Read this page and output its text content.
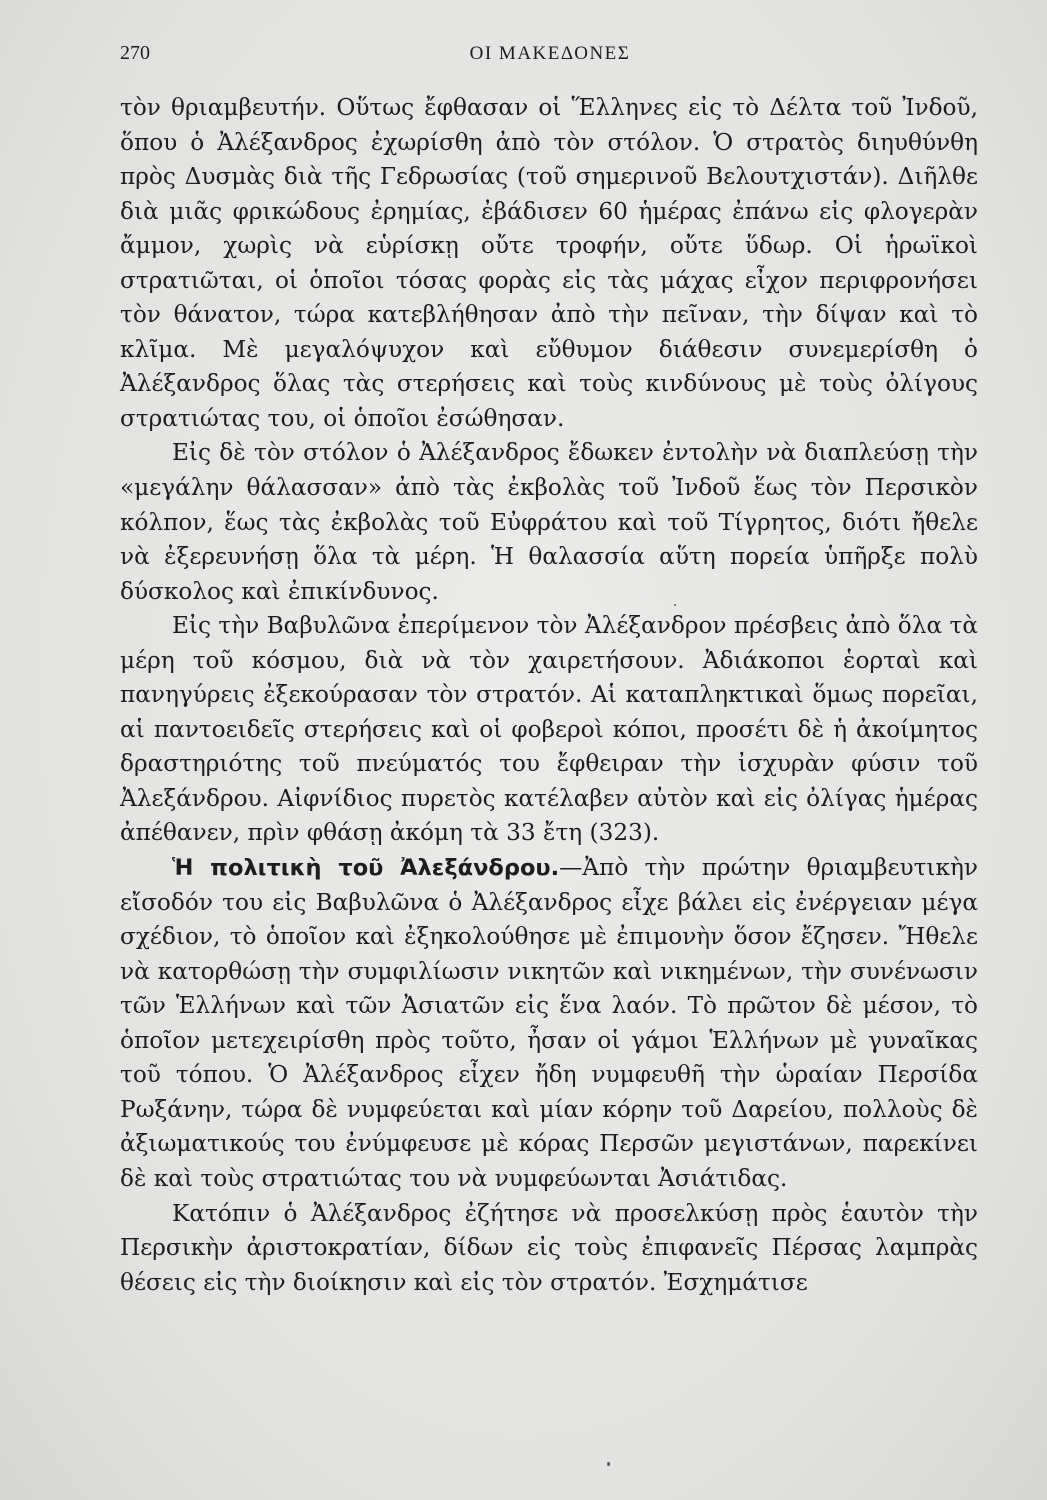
270	ΟΙ ΜΑΚΕΔΟΝΕΣ

τὸν θριαμβευτήν. Οὕτως ἔφθασαν οἱ Ἕλληνες εἰς τὸ Δέλτα τοῦ Ἰνδοῦ, ὅπου ὁ Ἀλέξανδρος ἐχωρίσθη ἀπὸ τὸν στόλον. Ὁ στρατὸς διηυθύνθη πρὸς Δυσμὰς διὰ τῆς Γεδρωσίας (τοῦ σημερινοῦ Βελουτχιστάν). Διῆλθε διὰ μιᾶς φρικώδους ἐρημίας, ἐβάδισεν 60 ἡμέρας ἐπάνω εἰς φλογερὰν ἄμμον, χωρὶς νὰ εὑρίσκῃ οὔτε τροφήν, οὔτε ὕδωρ. Οἱ ἡρωϊκοὶ στρατιῶται, οἱ ὁποῖοι τόσας φορὰς εἰς τὰς μάχας εἶχον περιφρονήσει τὸν θάνατον, τώρα κατεβλήθησαν ἀπὸ τὴν πεῖναν, τὴν δίψαν καὶ τὸ κλῖμα. Μὲ μεγαλόψυχον καὶ εὔθυμον διάθεσιν συνεμερίσθη ὁ Ἀλέξανδρος ὅλας τὰς στερήσεις καὶ τοὺς κινδύνους μὲ τοὺς ὀλίγους στρατιώτας του, οἱ ὁποῖοι ἐσώθησαν.

Εἰς δὲ τὸν στόλον ὁ Ἀλέξανδρος ἔδωκεν ἐντολὴν νὰ διαπλεύσῃ τὴν «μεγάλην θάλασσαν» ἀπὸ τὰς ἐκβολὰς τοῦ Ἰνδοῦ ἕως τὸν Περσικὸν κόλπον, ἕως τὰς ἐκβολὰς τοῦ Εὐφράτου καὶ τοῦ Τίγρητος, διότι ἤθελε νὰ ἐξερευνήσῃ ὅλα τὰ μέρη. Ἡ θαλασσία αὕτη πορεία ὑπῆρξε πολὺ δύσκολος καὶ ἐπικίνδυνος.

Εἰς τὴν Βαβυλῶνα ἐπερίμενον τὸν Ἀλέξανδρον πρέσβεις ἀπὸ ὅλα τὰ μέρη τοῦ κόσμου, διὰ νὰ τὸν χαιρετήσουν. Ἀδιάκοποι ἑορταὶ καὶ πανηγύρεις ἐξεκούρασαν τὸν στρατόν. Αἱ καταπληκτικαὶ ὅμως πορεῖαι, αἱ παντοειδεῖς στερήσεις καὶ οἱ φοβεροὶ κόποι, προσέτι δὲ ἡ ἀκοίμητος δραστηριότης τοῦ πνεύματός του ἔφθειραν τὴν ἰσχυρὰν φύσιν τοῦ Ἀλεξάνδρου. Αἰφνίδιος πυρετὸς κατέλαβεν αὐτὸν καὶ εἰς ὀλίγας ἡμέρας ἀπέθανεν, πρὶν φθάσῃ ἀκόμη τὰ 33 ἔτη (323).

Ἡ πολιτικὴ τοῦ Ἀλεξάνδρου.—Ἀπὸ τὴν πρώτην θριαμβευτικὴν εἴσοδόν του εἰς Βαβυλῶνα ὁ Ἀλέξανδρος εἶχε βάλει εἰς ἐνέργειαν μέγα σχέδιον, τὸ ὁποῖον καὶ ἐξηκολούθησε μὲ ἐπιμονὴν ὅσον ἔζησεν. Ἤθελε νὰ κατορθώσῃ τὴν συμφιλίωσιν νικητῶν καὶ νικημένων, τὴν συνένωσιν τῶν Ἑλλήνων καὶ τῶν Ἀσιατῶν εἰς ἕνα λαόν. Τὸ πρῶτον δὲ μέσον, τὸ ὁποῖον μετεχειρίσθη πρὸς τοῦτο, ἦσαν οἱ γάμοι Ἑλλήνων μὲ γυναῖκας τοῦ τόπου. Ὁ Ἀλέξανδρος εἶχεν ἤδη νυμφευθῆ τὴν ὡραίαν Περσίδα Ρωξάνην, τώρα δὲ νυμφεύεται καὶ μίαν κόρην τοῦ Δαρείου, πολλοὺς δὲ ἀξιωματικούς του ἐνύμφευσε μὲ κόρας Περσῶν μεγιστάνων, παρεκίνει δὲ καὶ τοὺς στρατιώτας του νὰ νυμφεύωνται Ἀσιάτιδας.

Κατόπιν ὁ Ἀλέξανδρος ἐζήτησε νὰ προσελκύσῃ πρὸς ἑαυτὸν τὴν Περσικὴν ἀριστοκρατίαν, δίδων εἰς τοὺς ἐπιφανεῖς Πέρσας λαμπρὰς θέσεις εἰς τὴν διοίκησιν καὶ εἰς τὸν στρατόν. Ἐσχημάτισε
